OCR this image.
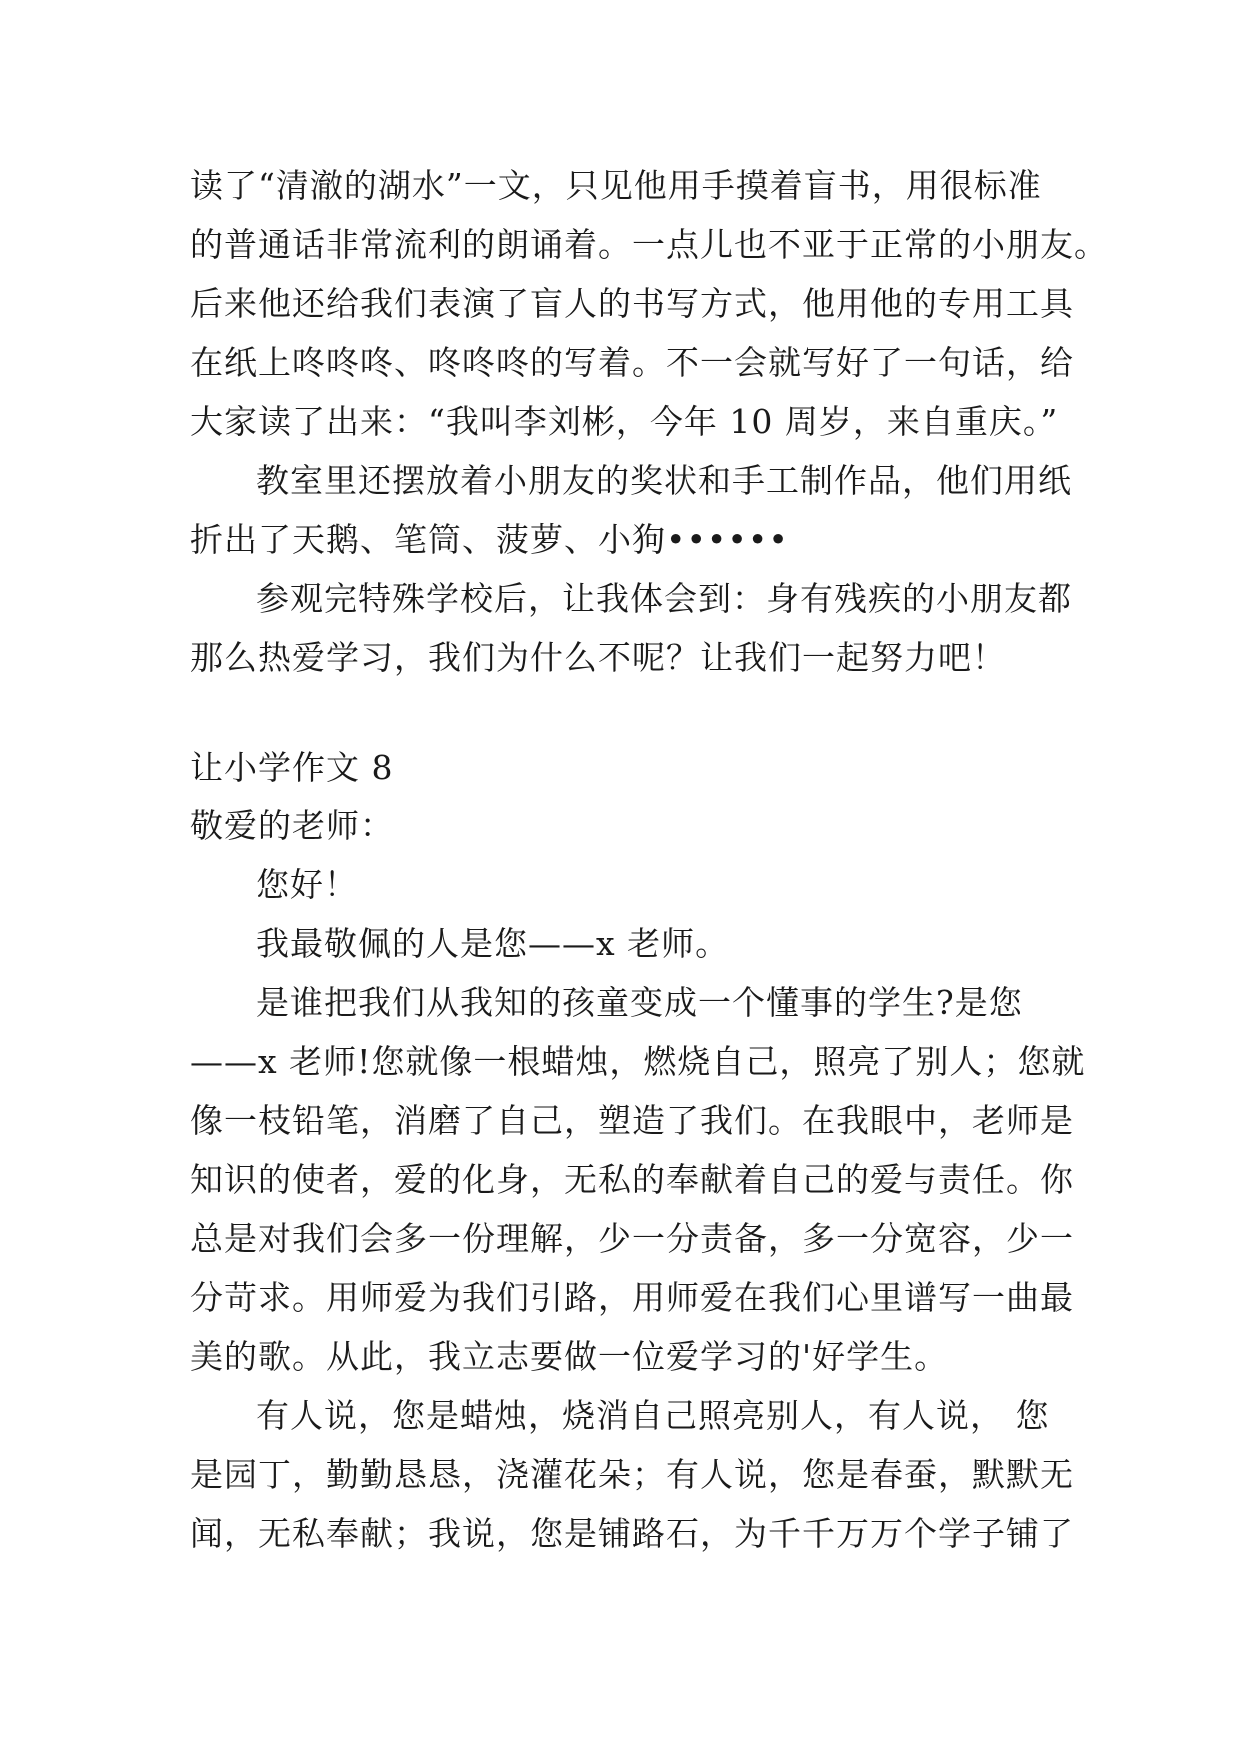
读了“清澈的湖水”一文，只见他用手摸着盲书，用很标准
的普通话非常流利的朗诵着。一点儿也不亚于正常的小朋友。
后来他还给我们表演了盲人的书写方式，他用他的专用工具
在纸上咚咚咚、咚咚咚的写着。不一会就写好了一句话，给
大家读了出来：“我叫李刘彬，今年 10 周岁，来自重庆。”
教室里还摆放着小朋友的奖状和手工制作品，他们用纸
折出了天鹅、笔筒、菠萝、小狗••••••
参观完特殊学校后，让我体会到：身有残疾的小朋友都
那么热爱学习，我们为什么不呢？让我们一起努力吧！
让小学作文 8
敬爱的老师：
您好！
我最敬佩的人是您——x 老师。
是谁把我们从我知的孩童变成一个懂事的学生?是您
——x 老师!您就像一根蜡烛，燃烧自己，照亮了别人；您就
像一枝铅笔，消磨了自己，塑造了我们。在我眼中，老师是
知识的使者，爱的化身，无私的奉献着自己的爱与责任。你
总是对我们会多一份理解，少一分责备，多一分宽容，少一
分苛求。用师爱为我们引路，用师爱在我们心里谱写一曲最
美的歌。从此，我立志要做一位爱学习的'好学生。
有人说，您是蜡烛，烧消自己照亮别人，有人说， 您
是园丁，勤勤恳恳，浇灌花朵；有人说，您是春蚕，默默无
闻，无私奉献；我说，您是铺路石，为千千万万个学子铺了
